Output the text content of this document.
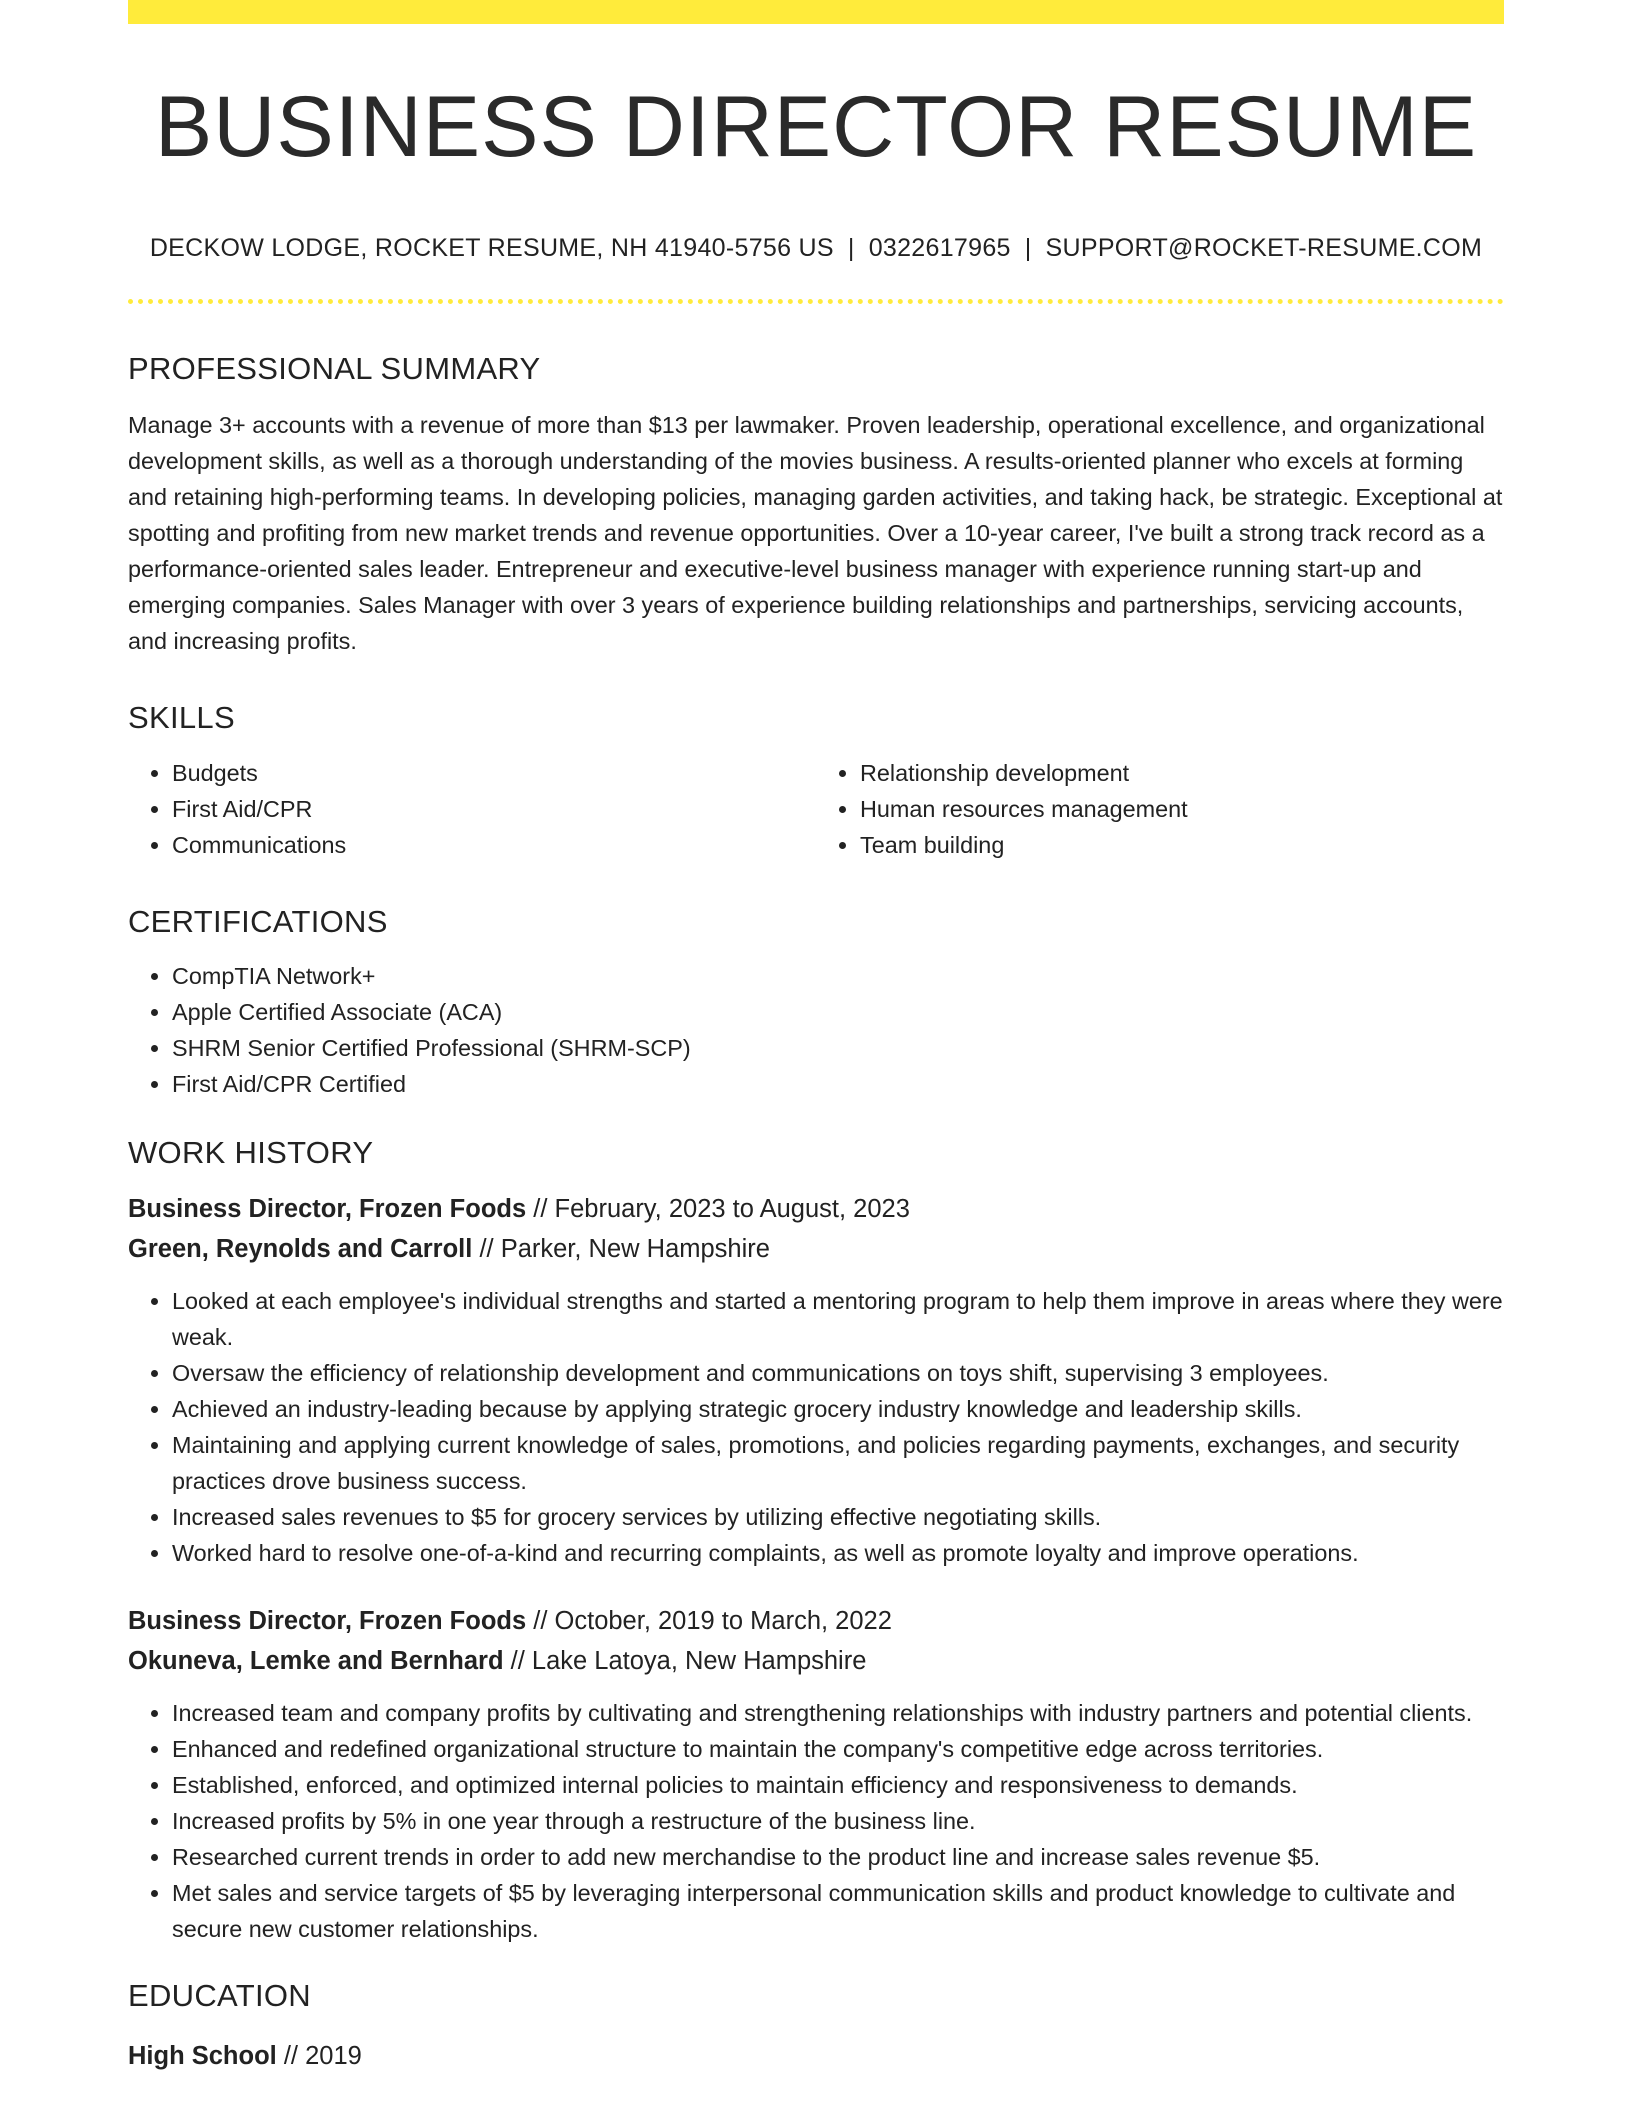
BUSINESS DIRECTOR RESUME
DECKOW LODGE, ROCKET RESUME, NH 41940-5756 US | 0322617965 | SUPPORT@ROCKET-RESUME.COM
PROFESSIONAL SUMMARY

Manage 3+ accounts with a revenue of more than $13 per lawmaker. Proven leadership, operational excellence, and organizational development skills, as well as a thorough understanding of the movies business. A results-oriented planner who excels at forming and retaining high-performing teams. In developing policies, managing garden activities, and taking hack, be strategic. Exceptional at spotting and profiting from new market trends and revenue opportunities. Over a 10-year career, I've built a strong track record as a performance-oriented sales leader. Entrepreneur and executive-level business manager with experience running start-up and emerging companies. Sales Manager with over 3 years of experience building relationships and partnerships, servicing accounts, and increasing profits.

SKILLS
• Budgets
• First Aid/CPR
• Communications
• Relationship development
• Human resources management
• Team building
CERTIFICATIONS
• CompTIA Network+
• Apple Certified Associate (ACA)
• SHRM Senior Certified Professional (SHRM-SCP)
• First Aid/CPR Certified
WORK HISTORY
Business Director, Frozen Foods // February, 2023 to August, 2023
Green, Reynolds and Carroll // Parker, New Hampshire
• Looked at each employee's individual strengths and started a mentoring program to help them improve in areas where they were weak.
• Oversaw the efficiency of relationship development and communications on toys shift, supervising 3 employees.
• Achieved an industry-leading because by applying strategic grocery industry knowledge and leadership skills.
• Maintaining and applying current knowledge of sales, promotions, and policies regarding payments, exchanges, and security practices drove business success.
• Increased sales revenues to $5 for grocery services by utilizing effective negotiating skills.
• Worked hard to resolve one-of-a-kind and recurring complaints, as well as promote loyalty and improve operations.
Business Director, Frozen Foods // October, 2019 to March, 2022
Okuneva, Lemke and Bernhard // Lake Latoya, New Hampshire
• Increased team and company profits by cultivating and strengthening relationships with industry partners and potential clients.
• Enhanced and redefined organizational structure to maintain the company's competitive edge across territories.
• Established, enforced, and optimized internal policies to maintain efficiency and responsiveness to demands.
• Increased profits by 5% in one year through a restructure of the business line.
• Researched current trends in order to add new merchandise to the product line and increase sales revenue $5.
• Met sales and service targets of $5 by leveraging interpersonal communication skills and product knowledge to cultivate and secure new customer relationships.
EDUCATION
High School // 2019
